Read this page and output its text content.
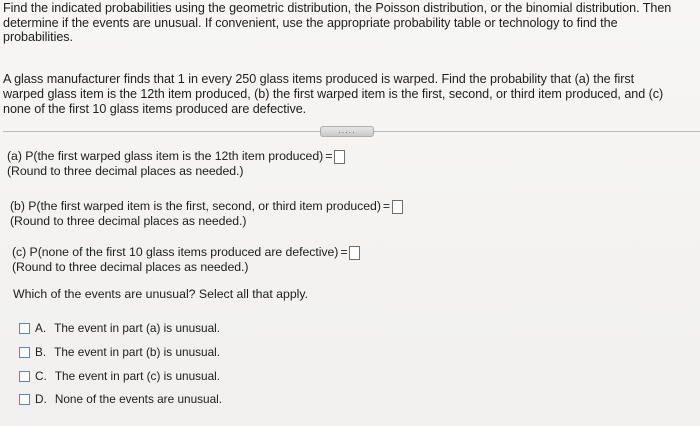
Find the indicated probabilities using the geometric distribution, the Poisson distribution, or the binomial distribution. Then
determine if the events are unusual. If convenient, use the appropriate probability table or technology to find the
probabilities.
A glass manufacturer finds that 1 in every 250 glass items produced is warped. Find the probability that (a) the first
warped glass item is the 12th item produced, (b) the first warped item is the first, second, or third item produced, and (c)
none of the first 10 glass items produced are defective.
.....
(a) P(the first warped glass item is the 12th item produced) =
(Round to three decimal places as needed.)
(b) P(the first warped item is the first, second, or third item produced) =
(Round to three decimal places as needed.)
(c) P(none of the first 10 glass items produced are defective) =
(Round to three decimal places as needed.)
Which of the events are unusual? Select all that apply.
A. The event in part (a) is unusual.
B. The event in part (b) is unusual.
C. The event in part (c) is unusual.
D. None of the events are unusual.
